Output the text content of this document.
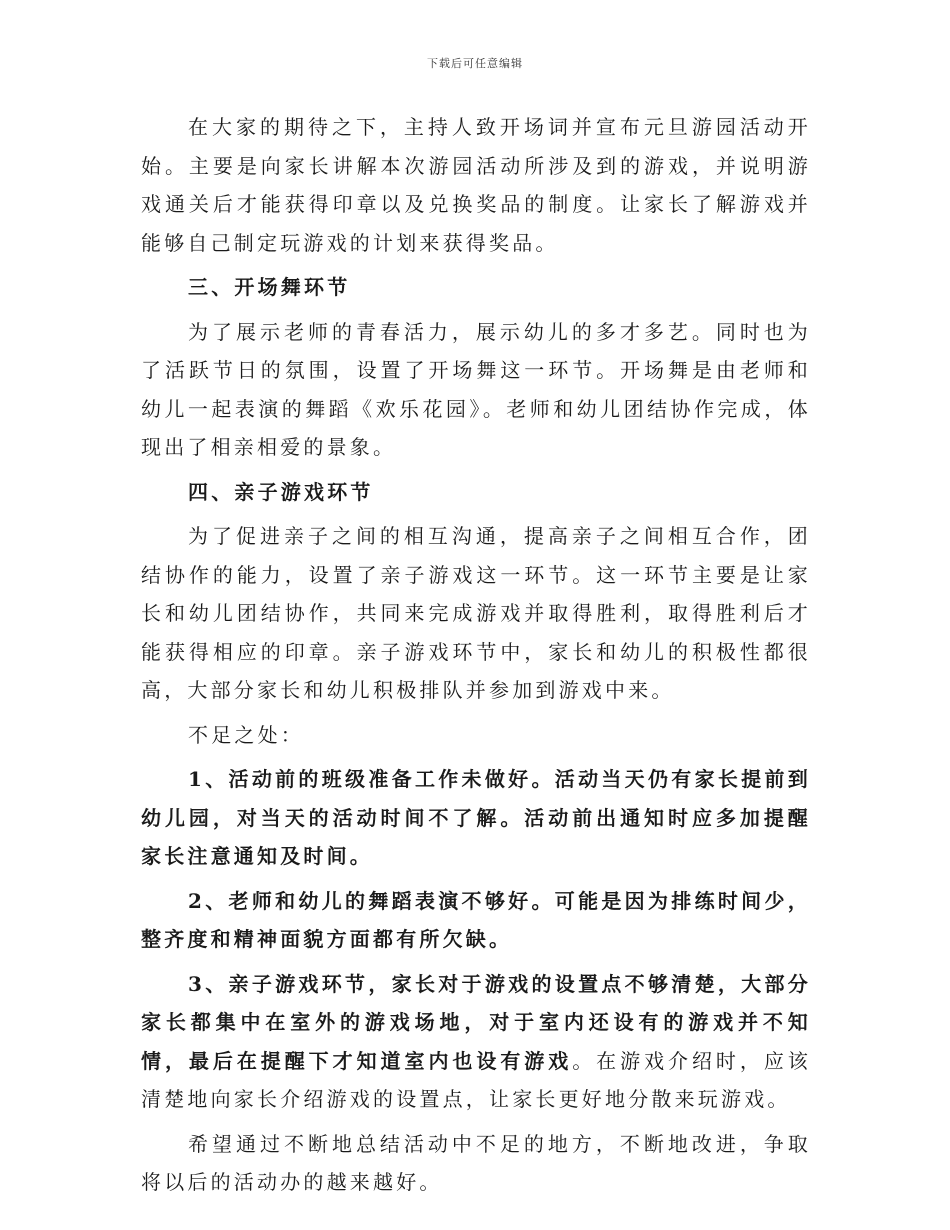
下载后可任意编辑

在大家的期待之下，主持人致开场词并宣布元旦游园活动开始。主要是向家长讲解本次游园活动所涉及到的游戏，并说明游戏通关后才能获得印章以及兑换奖品的制度。让家长了解游戏并能够自己制定玩游戏的计划来获得奖品。

三、开场舞环节

为了展示老师的青春活力，展示幼儿的多才多艺。同时也为了活跃节日的氛围，设置了开场舞这一环节。开场舞是由老师和幼儿一起表演的舞蹈《欢乐花园》。老师和幼儿团结协作完成，体现出了相亲相爱的景象。

四、亲子游戏环节

为了促进亲子之间的相互沟通，提高亲子之间相互合作，团结协作的能力，设置了亲子游戏这一环节。这一环节主要是让家长和幼儿团结协作，共同来完成游戏并取得胜利，取得胜利后才能获得相应的印章。亲子游戏环节中，家长和幼儿的积极性都很高，大部分家长和幼儿积极排队并参加到游戏中来。

不足之处：

1、活动前的班级准备工作未做好。活动当天仍有家长提前到幼儿园，对当天的活动时间不了解。活动前出通知时应多加提醒家长注意通知及时间。

2、老师和幼儿的舞蹈表演不够好。可能是因为排练时间少，整齐度和精神面貌方面都有所欠缺。

3、亲子游戏环节，家长对于游戏的设置点不够清楚，大部分家长都集中在室外的游戏场地，对于室内还设有的游戏并不知情，最后在提醒下才知道室内也设有游戏。在游戏介绍时，应该清楚地向家长介绍游戏的设置点，让家长更好地分散来玩游戏。

希望通过不断地总结活动中不足的地方，不断地改进，争取将以后的活动办的越来越好。
